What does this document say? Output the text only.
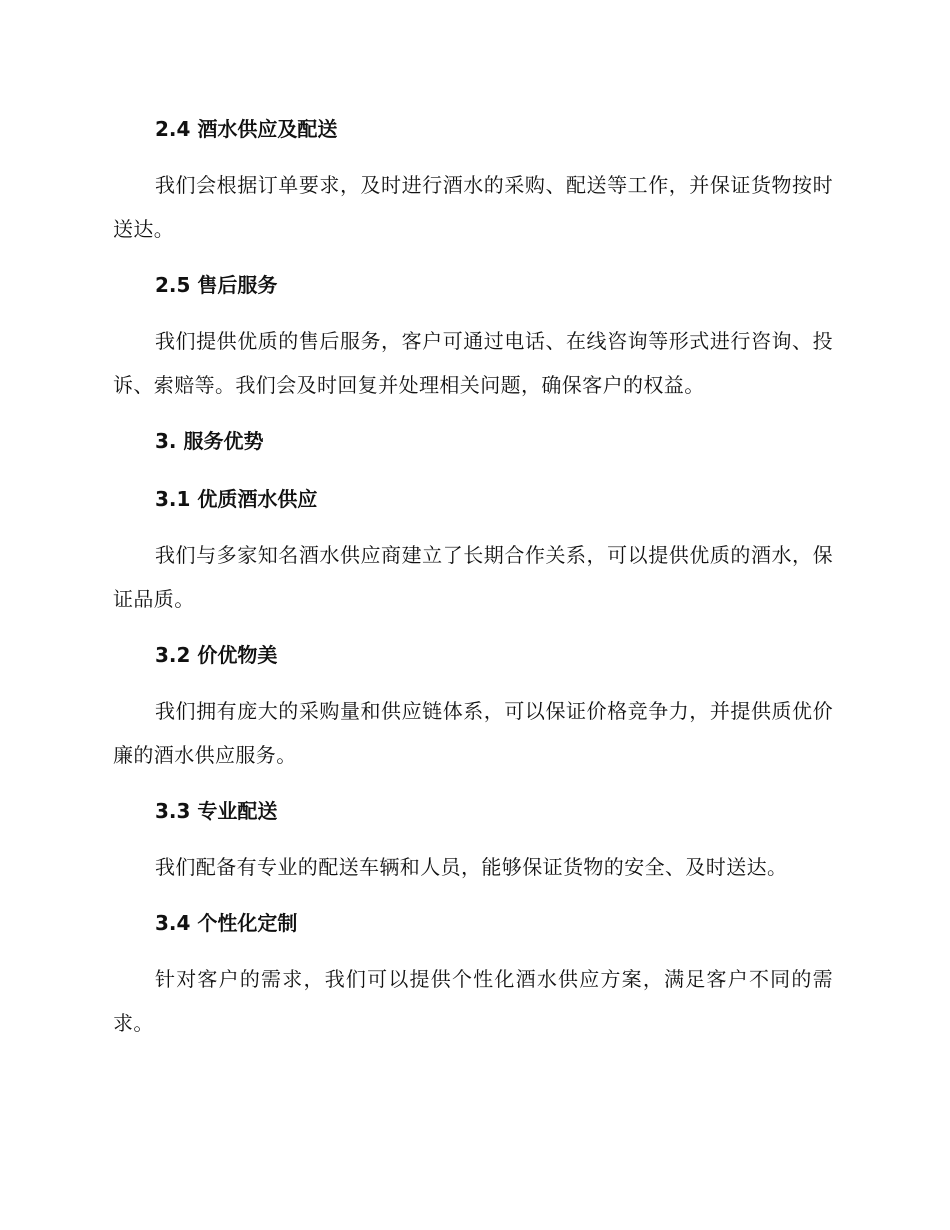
2.4 酒水供应及配送

我们会根据订单要求，及时进行酒水的采购、配送等工作，并保证货物按时送达。

2.5 售后服务

我们提供优质的售后服务，客户可通过电话、在线咨询等形式进行咨询、投诉、索赔等。我们会及时回复并处理相关问题，确保客户的权益。

3. 服务优势
3.1 优质酒水供应

我们与多家知名酒水供应商建立了长期合作关系，可以提供优质的酒水，保证品质。

3.2 价优物美

我们拥有庞大的采购量和供应链体系，可以保证价格竞争力，并提供质优价廉的酒水供应服务。

3.3 专业配送

我们配备有专业的配送车辆和人员，能够保证货物的安全、及时送达。

3.4 个性化定制

针对客户的需求，我们可以提供个性化酒水供应方案，满足客户不同的需求。
